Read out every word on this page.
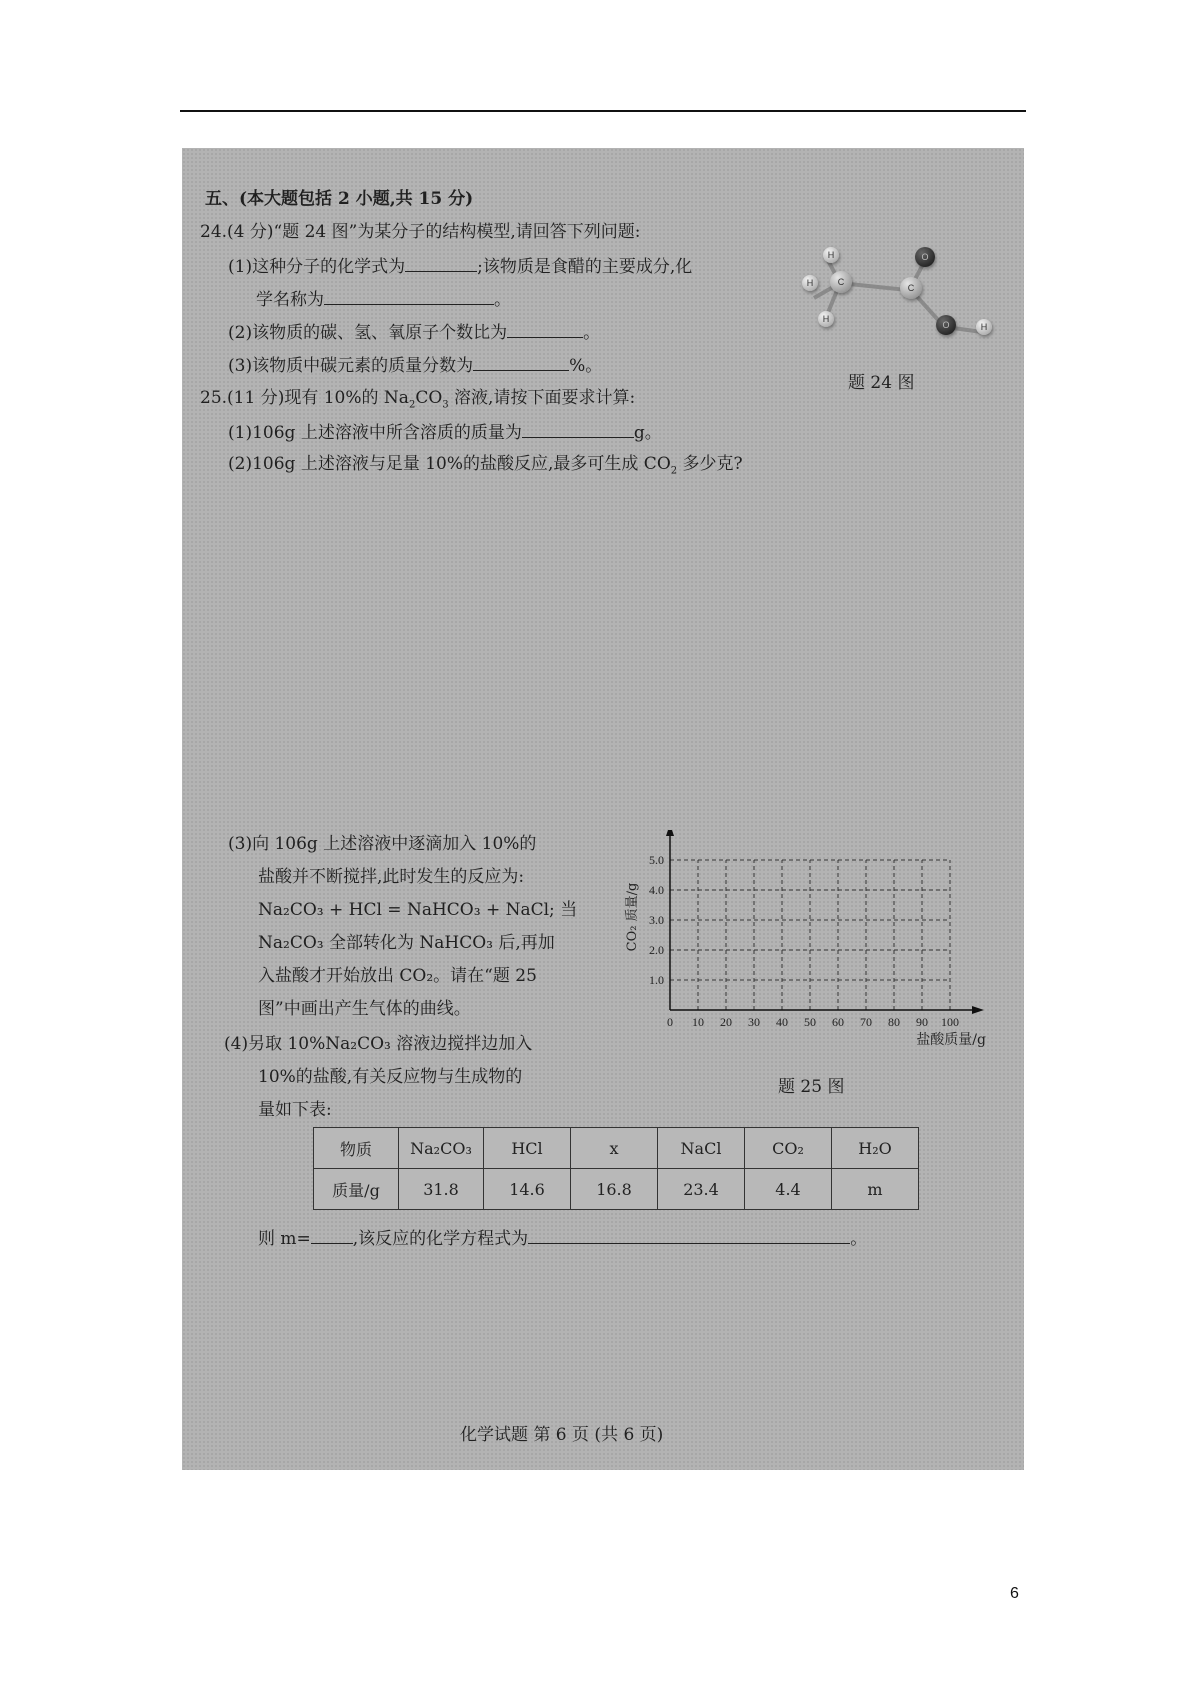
五、(本大题包括 2 小题,共 15 分)
24.(4 分)“题 24 图”为某分子的结构模型,请回答下列问题:
(1)这种分子的化学式为	;该物质是食醋的主要成分,化
学名称为	。
(2)该物质的碳、氢、氧原子个数比为	。
(3)该物质中碳元素的质量分数为	%。
H
H
H
C
C
O
O	H
题 24 图
25.(11 分)现有 10%的 $Na_2CO_3$ 溶液,请按下面要求计算:
(1)106g 上述溶液中所含溶质的质量为	g。
(2)106g 上述溶液与足量 10%的盐酸反应,最多可生成 $CO_2$ 多少克?
(3)向 106g 上述溶液中逐滴加入 10%的
盐酸并不断搅拌,此时发生的反应为:
Na₂CO₃ + HCl = NaHCO₃ + NaCl; 当
Na₂CO₃ 全部转化为 NaHCO₃ 后,再加
入盐酸才开始放出 CO₂。请在“题 25
图”中画出产生气体的曲线。
(4)另取 10%Na₂CO₃ 溶液边搅拌边加入
10%的盐酸,有关反应物与生成物的
量如下表:
0 10 20 30 40 50 60 70 80 90 100
1.0
2.0
3.0
4.0
5.0
盐酸质量/g
CO₂ 质量/g
题 25 图
物质	Na₂CO₃	HCl	x	NaCl	CO₂	H₂O
质量/g	31.8	14.6	16.8	23.4	4.4	m
则 m= ,该反应的化学方程式为	。
化学试题 第 6 页 (共 6 页)
6
